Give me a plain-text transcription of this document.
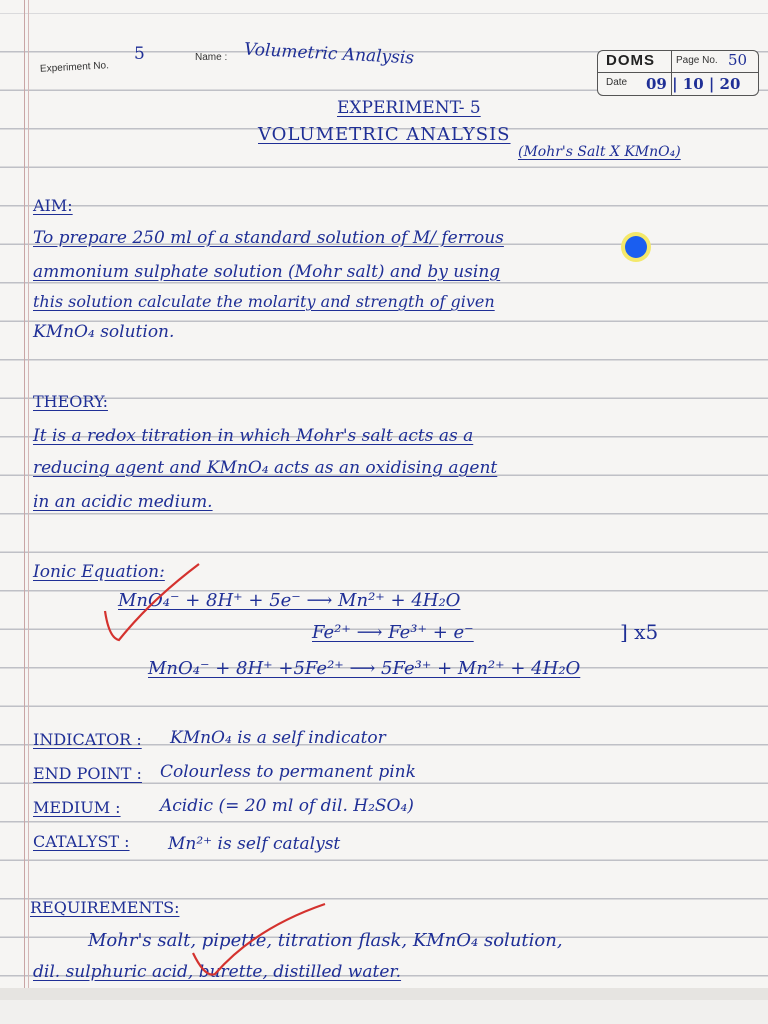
Experiment No.
5	Name : Volumetric Analysis	DOMS Page No. 50
Date 09 | 10 | 20
EXPERIMENT- 5
VOLUMETRIC ANALYSIS
(Mohr's Salt X KMnO₄)
AIM:
To prepare 250 ml of a standard solution of M/ ferrous
ammonium sulphate solution (Mohr salt) and by using
this solution calculate the molarity and strength of given
KMnO₄ solution.
THEORY:
It is a redox titration in which Mohr's salt acts as a
reducing agent and KMnO₄ acts as an oxidising agent
in an acidic medium.
Ionic Equation:
MnO₄⁻ + 8H⁺ + 5e⁻ ⟶ Mn²⁺ + 4H₂O
Fe²⁺ ⟶ Fe³⁺ + e⁻	] x5
MnO₄⁻ + 8H⁺ +5Fe²⁺ ⟶ 5Fe³⁺ + Mn²⁺ + 4H₂O
INDICATOR : KMnO₄ is a self indicator
END POINT : Colourless to permanent pink
MEDIUM : Acidic (= 20 ml of dil. H₂SO₄)
CATALYST : Mn²⁺ is self catalyst
REQUIREMENTS:
Mohr's salt, pipette, titration flask, KMnO₄ solution,
dil. sulphuric acid, burette, distilled water.
